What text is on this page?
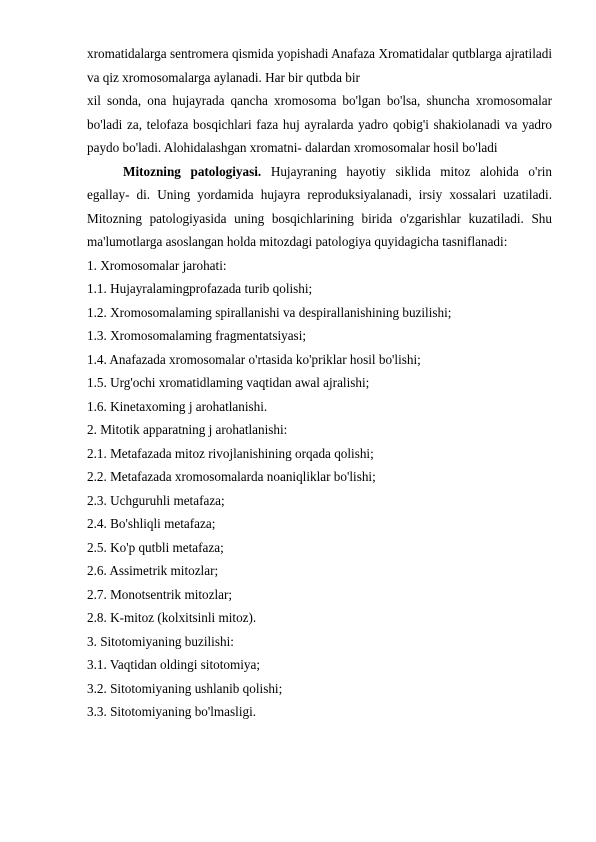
xromatidalarga sentromera qismida yopishadi Anafaza Xromatidalar qutblarga ajratiladi va qiz xromosomalarga aylanadi. Har bir qutbda bir

xil sonda, ona hujayrada qancha xromosoma bo'lgan bo'lsa, shuncha xromosomalar bo'ladi za, telofaza bosqichlari faza huj ayralarda yadro qobig'i shakiolanadi va yadro paydo bo'ladi. Alohidalashgan xromatni- dalardan xromosomalar hosil bo'ladi

Mitozning patologiyasi. Hujayraning hayotiy siklida mitoz alohida o'rin egallay- di. Uning yordamida hujayra reproduksiyalanadi, irsiy xossalari uzatiladi. Mitozning patologiyasida uning bosqichlarining birida o'zgarishlar kuzatiladi. Shu ma'lumotlarga asoslangan holda mitozdagi patologiya quyidagicha tasniflanadi:

1. Xromosomalar jarohati:
1.1. Hujayralamingprofazada turib qolishi;
1.2. Xromosomalaming spirallanishi va despirallanishining buzilishi;
1.3. Xromosomalaming fragmentatsiyasi;
1.4. Anafazada xromosomalar o'rtasida ko'priklar hosil bo'lishi;
1.5. Urg'ochi xromatidlaming vaqtidan awal ajralishi;
1.6. Kinetaxoming j arohatlanishi.
2. Mitotik apparatning j arohatlanishi:
2.1. Metafazada mitoz rivojlanishining orqada qolishi;
2.2. Metafazada xromosomalarda noaniqliklar bo'lishi;
2.3. Uchguruhli metafaza;
2.4. Bo'shliqli metafaza;
2.5. Ko'p qutbli metafaza;
2.6. Assimetrik mitozlar;
2.7. Monotsentrik mitozlar;
2.8. K-mitoz (kolxitsinli mitoz).
3. Sitotomiyaning buzilishi:
3.1. Vaqtidan oldingi sitotomiya;
3.2. Sitotomiyaning ushlanib qolishi;
3.3. Sitotomiyaning bo'lmasligi.
